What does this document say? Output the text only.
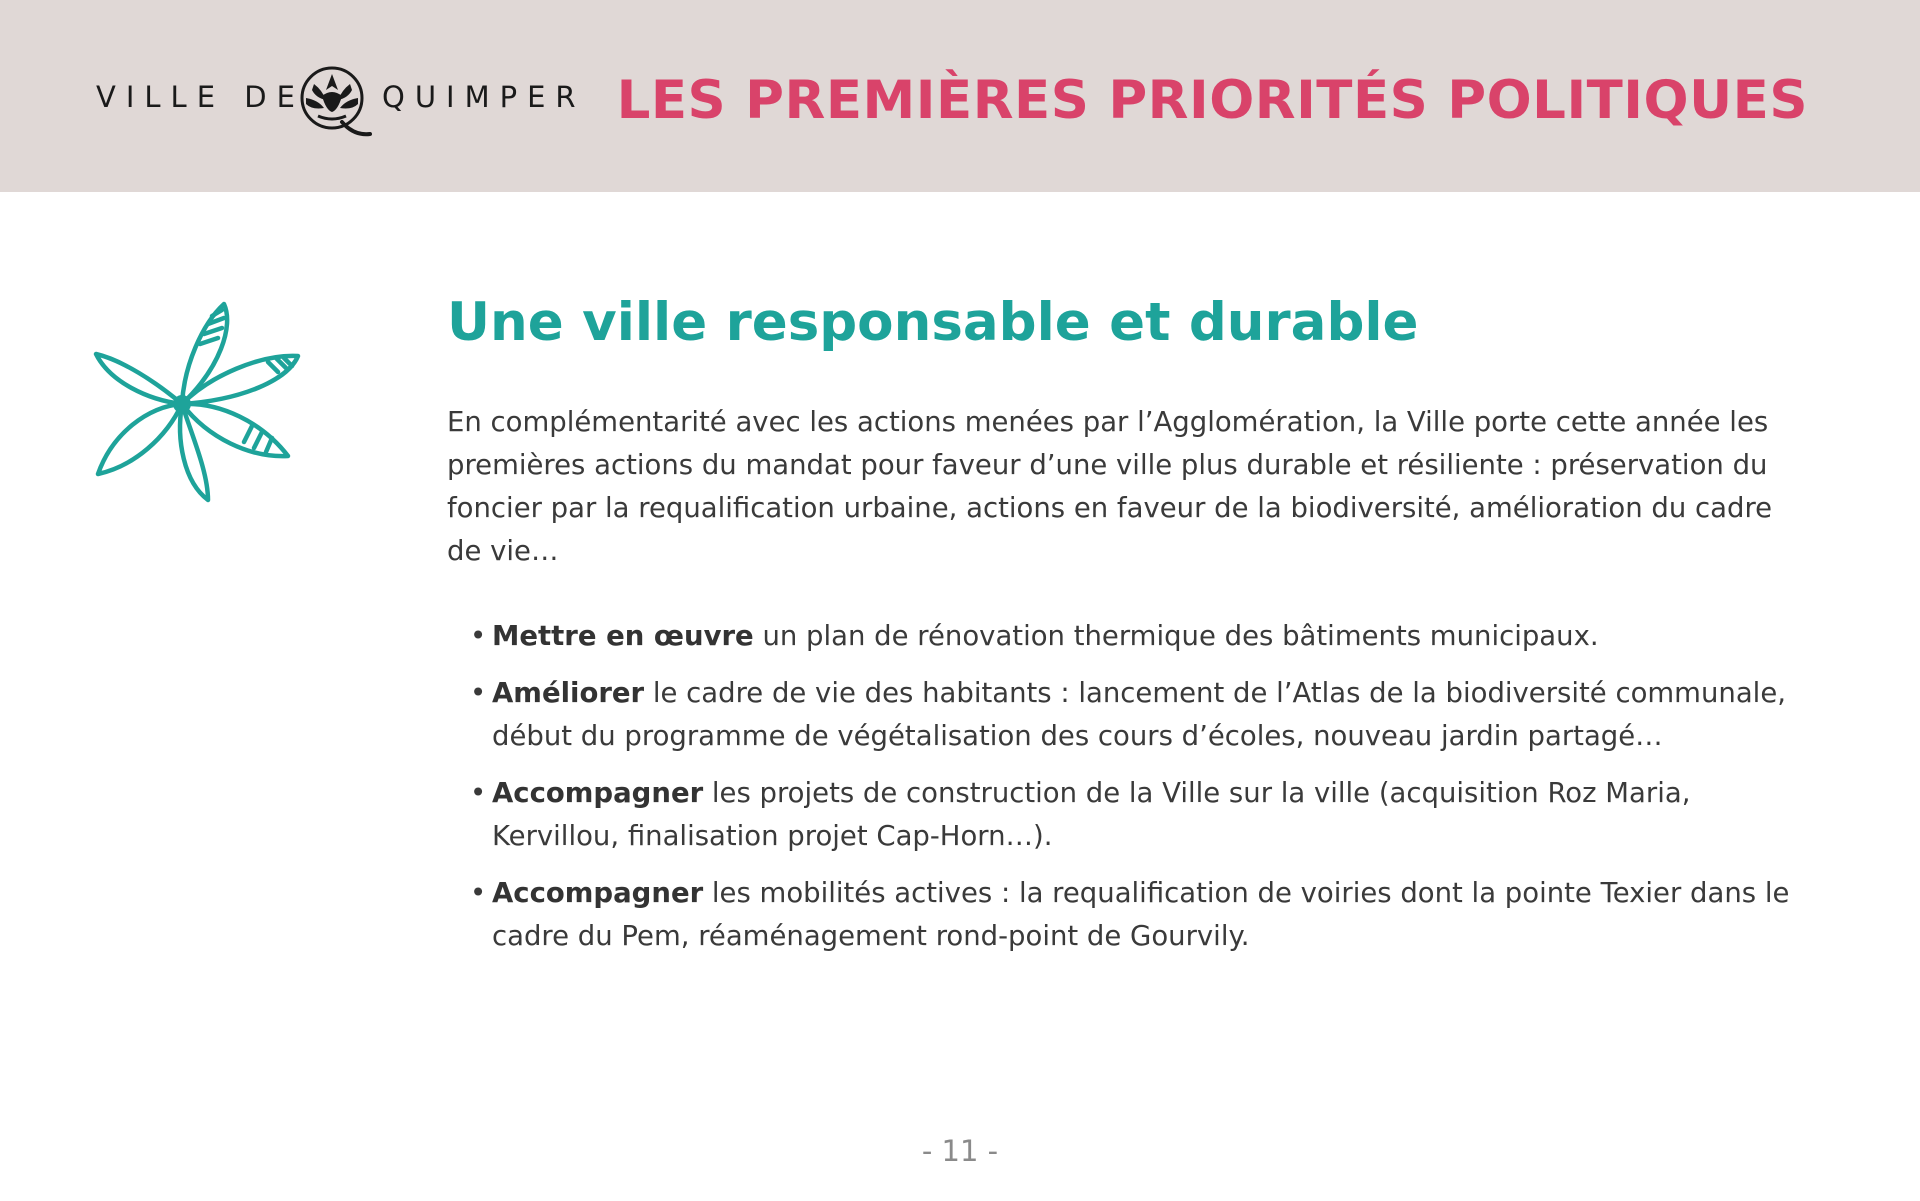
VILLE DE	QUIMPER LES PREMIÈRES PRIORITÉS POLITIQUES
Une ville responsable et durable

En complémentarité avec les actions menées par l’Agglomération, la Ville porte cette année les premières actions du mandat pour faveur d’une ville plus durable et résiliente : préservation du foncier par la requalification urbaine, actions en faveur de la biodiversité, amélioration du cadre de vie…

• Mettre en œuvre un plan de rénovation thermique des bâtiments municipaux.
• Améliorer le cadre de vie des habitants : lancement de l’Atlas de la biodiversité communale, début du programme de végétalisation des cours d’écoles, nouveau jardin partagé…
• Accompagner les projets de construction de la Ville sur la ville (acquisition Roz Maria, Kervillou, finalisation projet Cap-Horn…).
• Accompagner les mobilités actives : la requalification de voiries dont la pointe Texier dans le cadre du Pem, réaménagement rond-point de Gourvily.
- 11 -
